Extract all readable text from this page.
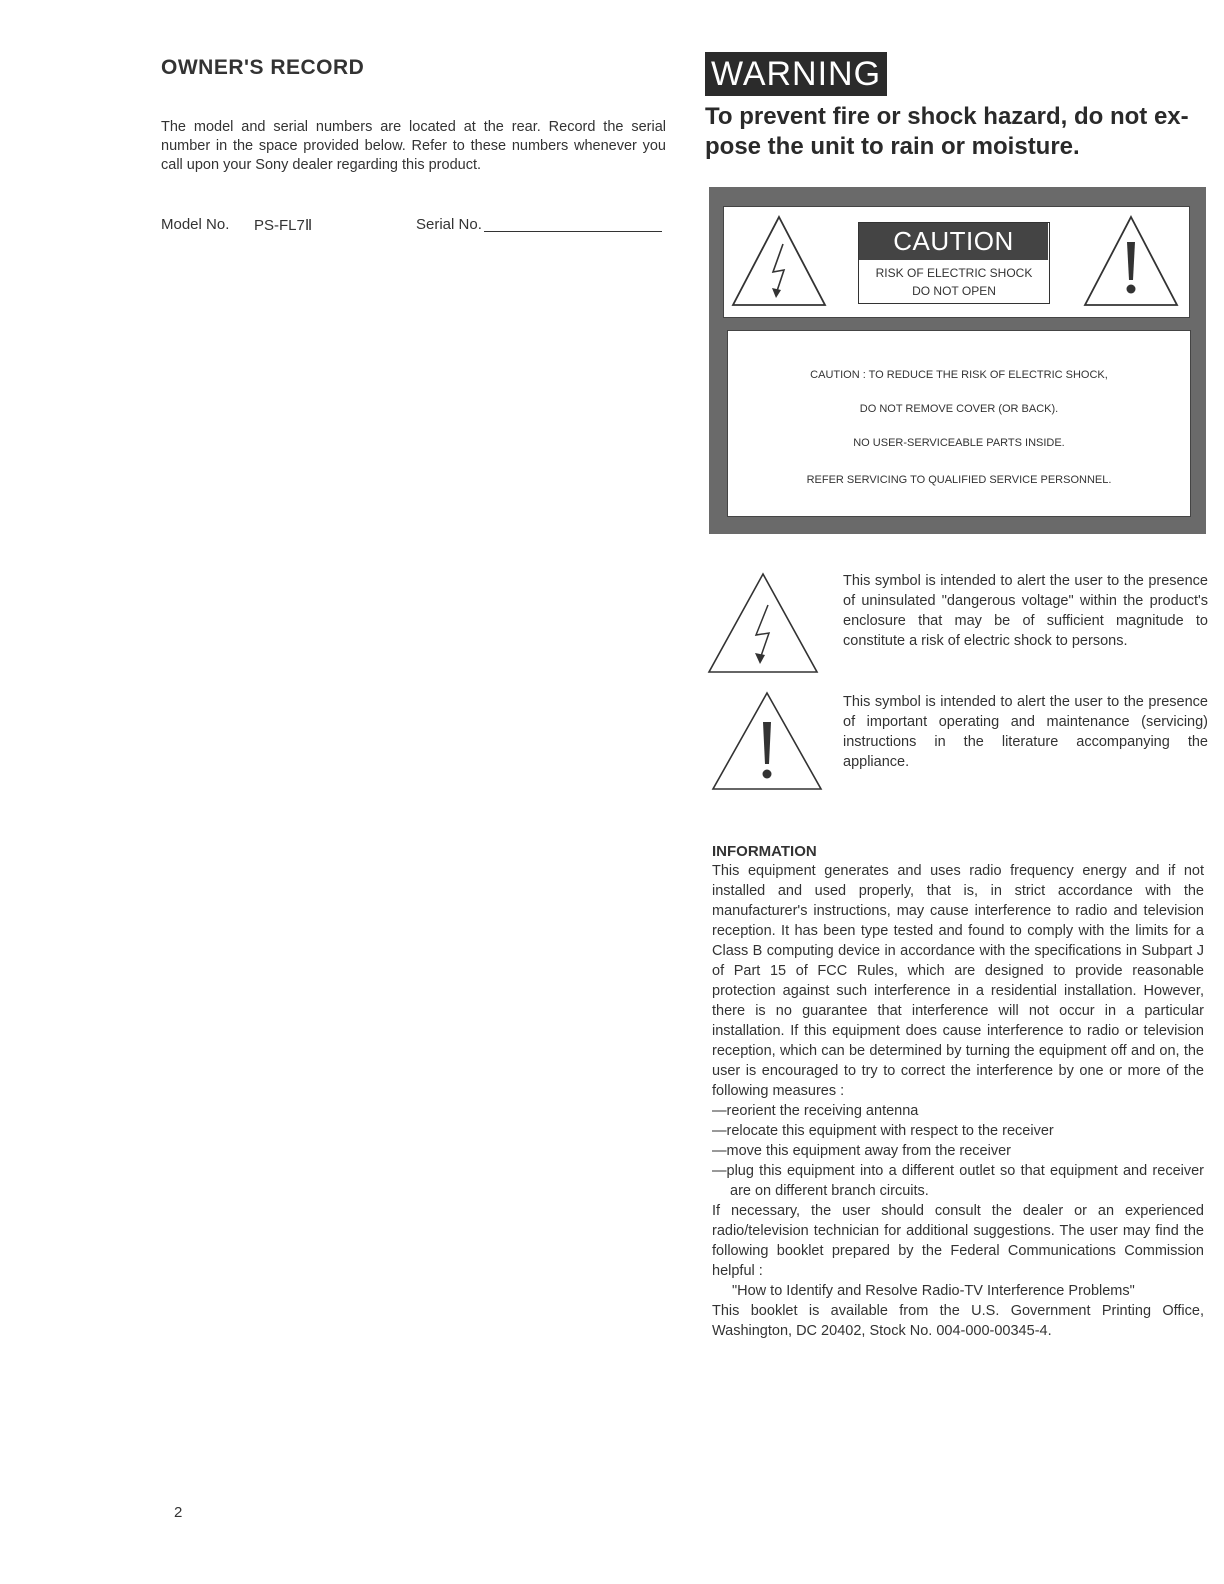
OWNER'S RECORD
The model and serial numbers are located at the rear. Record the serial number in the space provided below. Refer to these numbers whenever you call upon your Sony dealer regarding this product.
Model No. PS-FL7Ⅱ	Serial No.
WARNING
To prevent fire or shock hazard, do not ex-pose the unit to rain or moisture.
CAUTION
RISK OF ELECTRIC SHOCK
DO NOT OPEN
CAUTION : TO REDUCE THE RISK OF ELECTRIC SHOCK,
DO NOT REMOVE COVER (OR BACK).
NO USER-SERVICEABLE PARTS INSIDE.
REFER SERVICING TO QUALIFIED SERVICE PERSONNEL.
This symbol is intended to alert the user to the presence of uninsulated "dangerous voltage" within the product's enclosure that may be of sufficient magnitude to constitute a risk of electric shock to persons.
This symbol is intended to alert the user to the presence of important operating and maintenance (servicing) instructions in the literature accompanying the appliance.
INFORMATION

This equipment generates and uses radio frequency energy and if not installed and used properly, that is, in strict accordance with the manufacturer's instructions, may cause interference to radio and television reception. It has been type tested and found to comply with the limits for a Class B computing device in accordance with the specifications in Subpart J of Part 15 of FCC Rules, which are designed to provide reasonable protection against such interference in a residential installation. However, there is no guarantee that interference will not occur in a particular installation. If this equipment does cause interference to radio or television reception, which can be determined by turning the equipment off and on, the user is encouraged to try to correct the interference by one or more of the following measures :

—reorient the receiving antenna

—relocate this equipment with respect to the receiver

—move this equipment away from the receiver

—plug this equipment into a different outlet so that equipment and receiver are on different branch circuits.

If necessary, the user should consult the dealer or an experienced radio/television technician for additional suggestions. The user may find the following booklet prepared by the Federal Communications Commission helpful :

"How to Identify and Resolve Radio-TV Interference Problems"

This booklet is available from the U.S. Government Printing Office, Washington, DC 20402, Stock No. 004-000-00345-4.

2
